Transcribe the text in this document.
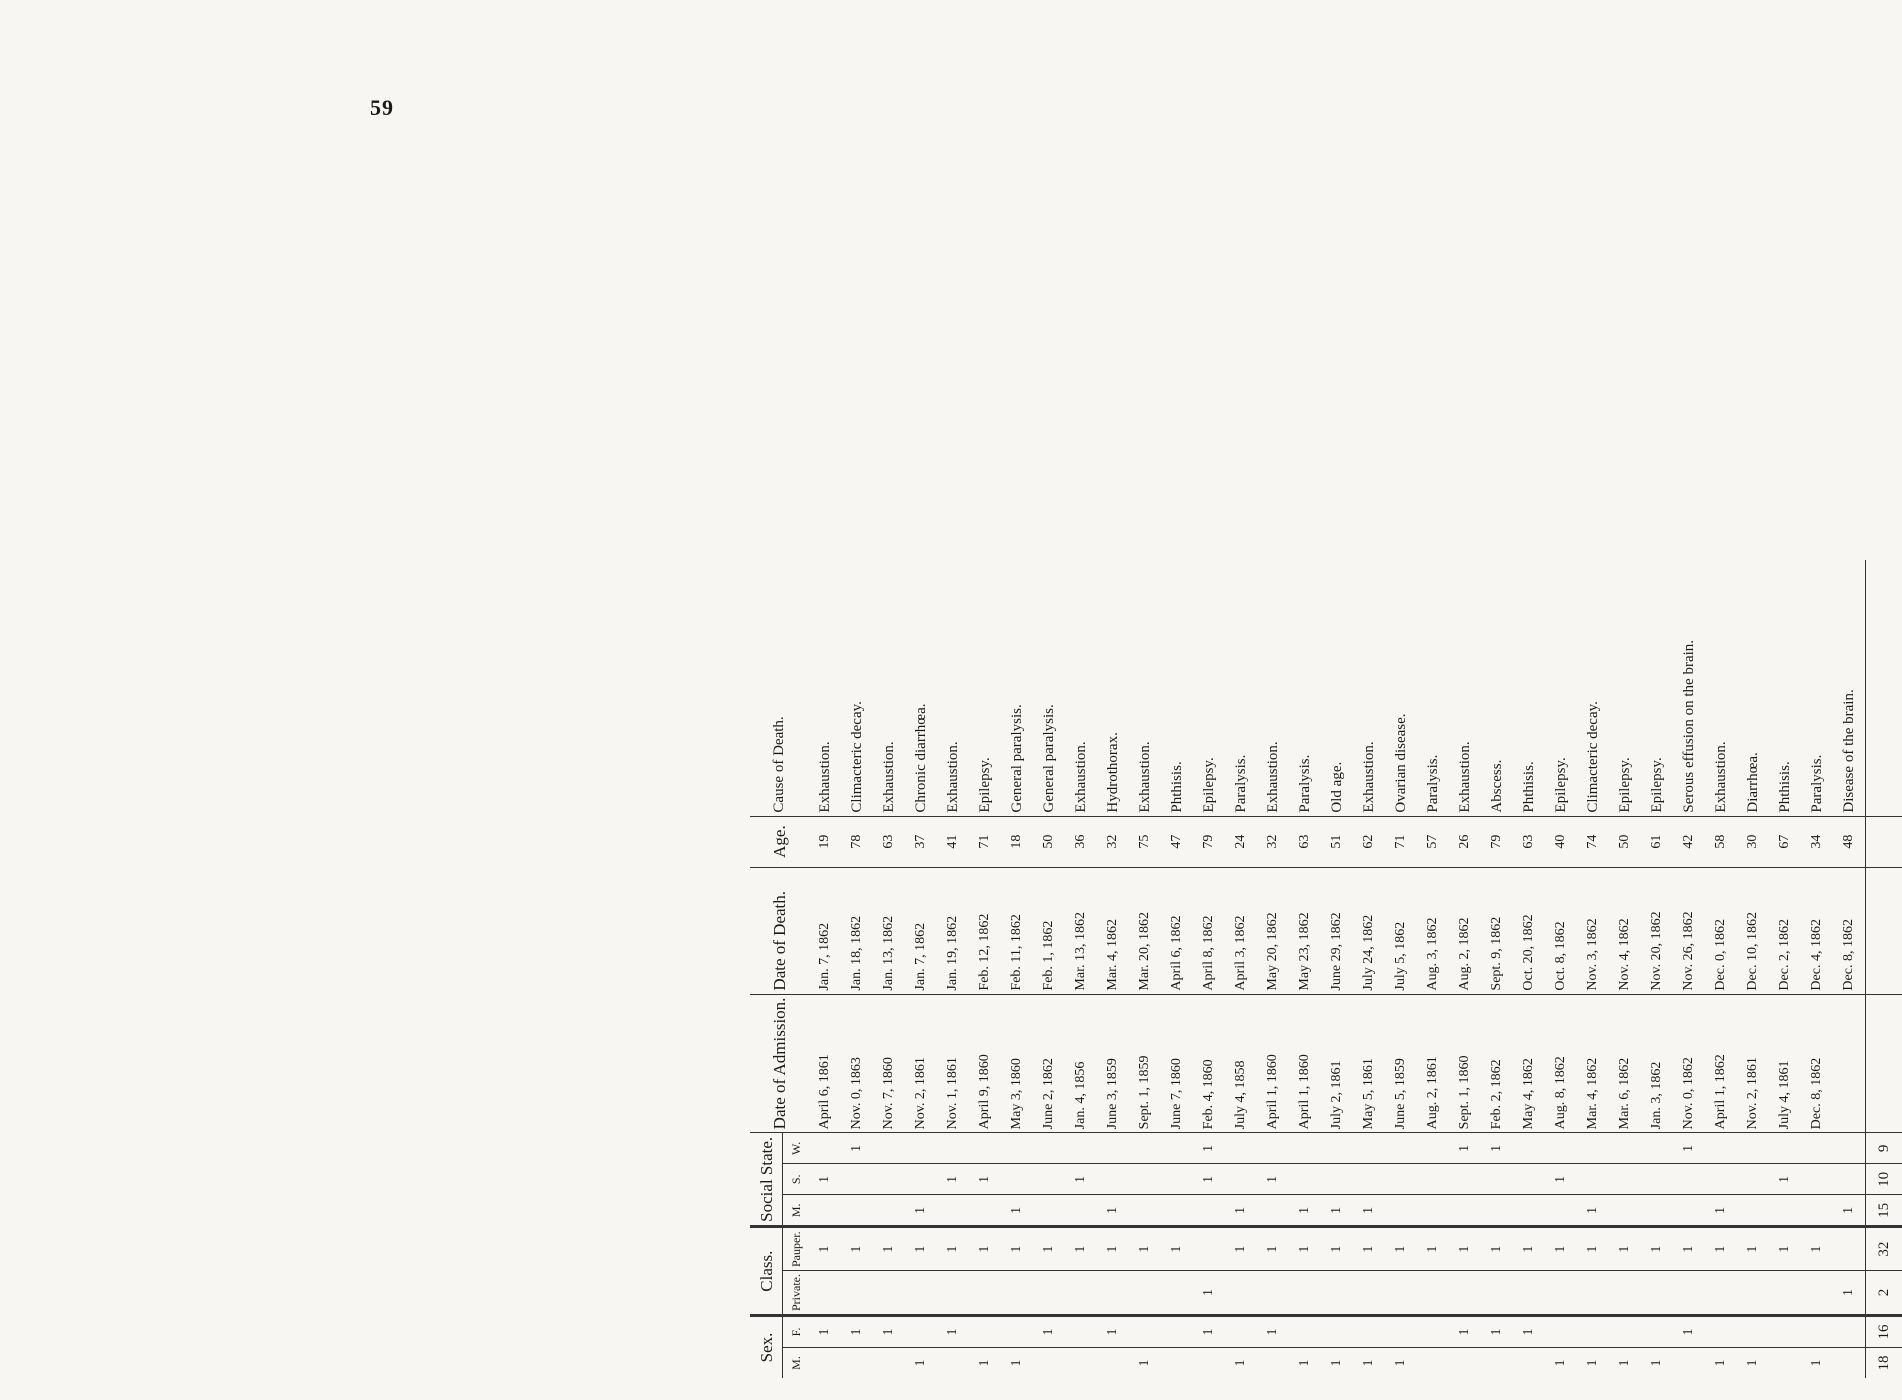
59
Sex.		Class.		Social State.			Date of Admission.	Date of Death.	Age.	Cause of Death.
M.	F.	Private.	Pauper.	M.	S.	W.				
	1		1		1		April 6, 1861	Jan. 7, 1862	19	Exhaustion.
	1		1			1	Nov. 0, 1863	Jan. 18, 1862	78	Climacteric decay.
	1		1				Nov. 7, 1860	Jan. 13, 1862	63	Exhaustion.
1			1	1			Nov. 2, 1861	Jan. 7, 1862	37	Chronic diarrhœa.
	1		1		1		Nov. 1, 1861	Jan. 19, 1862	41	Exhaustion.
1			1		1		April 9, 1860	Feb. 12, 1862	71	Epilepsy.
1			1	1			May 3, 1860	Feb. 11, 1862	18	General paralysis.
	1		1				June 2, 1862	Feb. 1, 1862	50	General paralysis.
			1		1		Jan. 4, 1856	Mar. 13, 1862	36	Exhaustion.
	1		1	1			June 3, 1859	Mar. 4, 1862	32	Hydrothorax.
1			1				Sept. 1, 1859	Mar. 20, 1862	75	Exhaustion.
			1				June 7, 1860	April 6, 1862	47	Phthisis.
	1	1			1	1	Feb. 4, 1860	April 8, 1862	79	Epilepsy.
1			1	1			July 4, 1858	April 3, 1862	24	Paralysis.
	1		1		1		April 1, 1860	May 20, 1862	32	Exhaustion.
1			1	1			April 1, 1860	May 23, 1862	63	Paralysis.
1			1	1			July 2, 1861	June 29, 1862	51	Old age.
1			1	1			May 5, 1861	July 24, 1862	62	Exhaustion.
1			1				June 5, 1859	July 5, 1862	71	Ovarian disease.
			1				Aug. 2, 1861	Aug. 3, 1862	57	Paralysis.
	1		1			1	Sept. 1, 1860	Aug. 2, 1862	26	Exhaustion.
	1		1			1	Feb. 2, 1862	Sept. 9, 1862	79	Abscess.
	1		1				May 4, 1862	Oct. 20, 1862	63	Phthisis.
1			1		1		Aug. 8, 1862	Oct. 8, 1862	40	Epilepsy.
1			1	1			Mar. 4, 1862	Nov. 3, 1862	74	Climacteric decay.
1			1				Mar. 6, 1862	Nov. 4, 1862	50	Epilepsy.
1			1				Jan. 3, 1862	Nov. 20, 1862	61	Epilepsy.
	1		1			1	Nov. 0, 1862	Nov. 26, 1862	42	Serous effusion on the brain.
1			1	1			April 1, 1862	Dec. 0, 1862	58	Exhaustion.
1			1				Nov. 2, 1861	Dec. 10, 1862	30	Diarrhœa.
			1		1		July 4, 1861	Dec. 2, 1862	67	Phthisis.
1			1				Dec. 8, 1862	Dec. 4, 1862	34	Paralysis.
		1		1				Dec. 8, 1862	48	Disease of the brain.
18	16	2	32	15	10	9				
